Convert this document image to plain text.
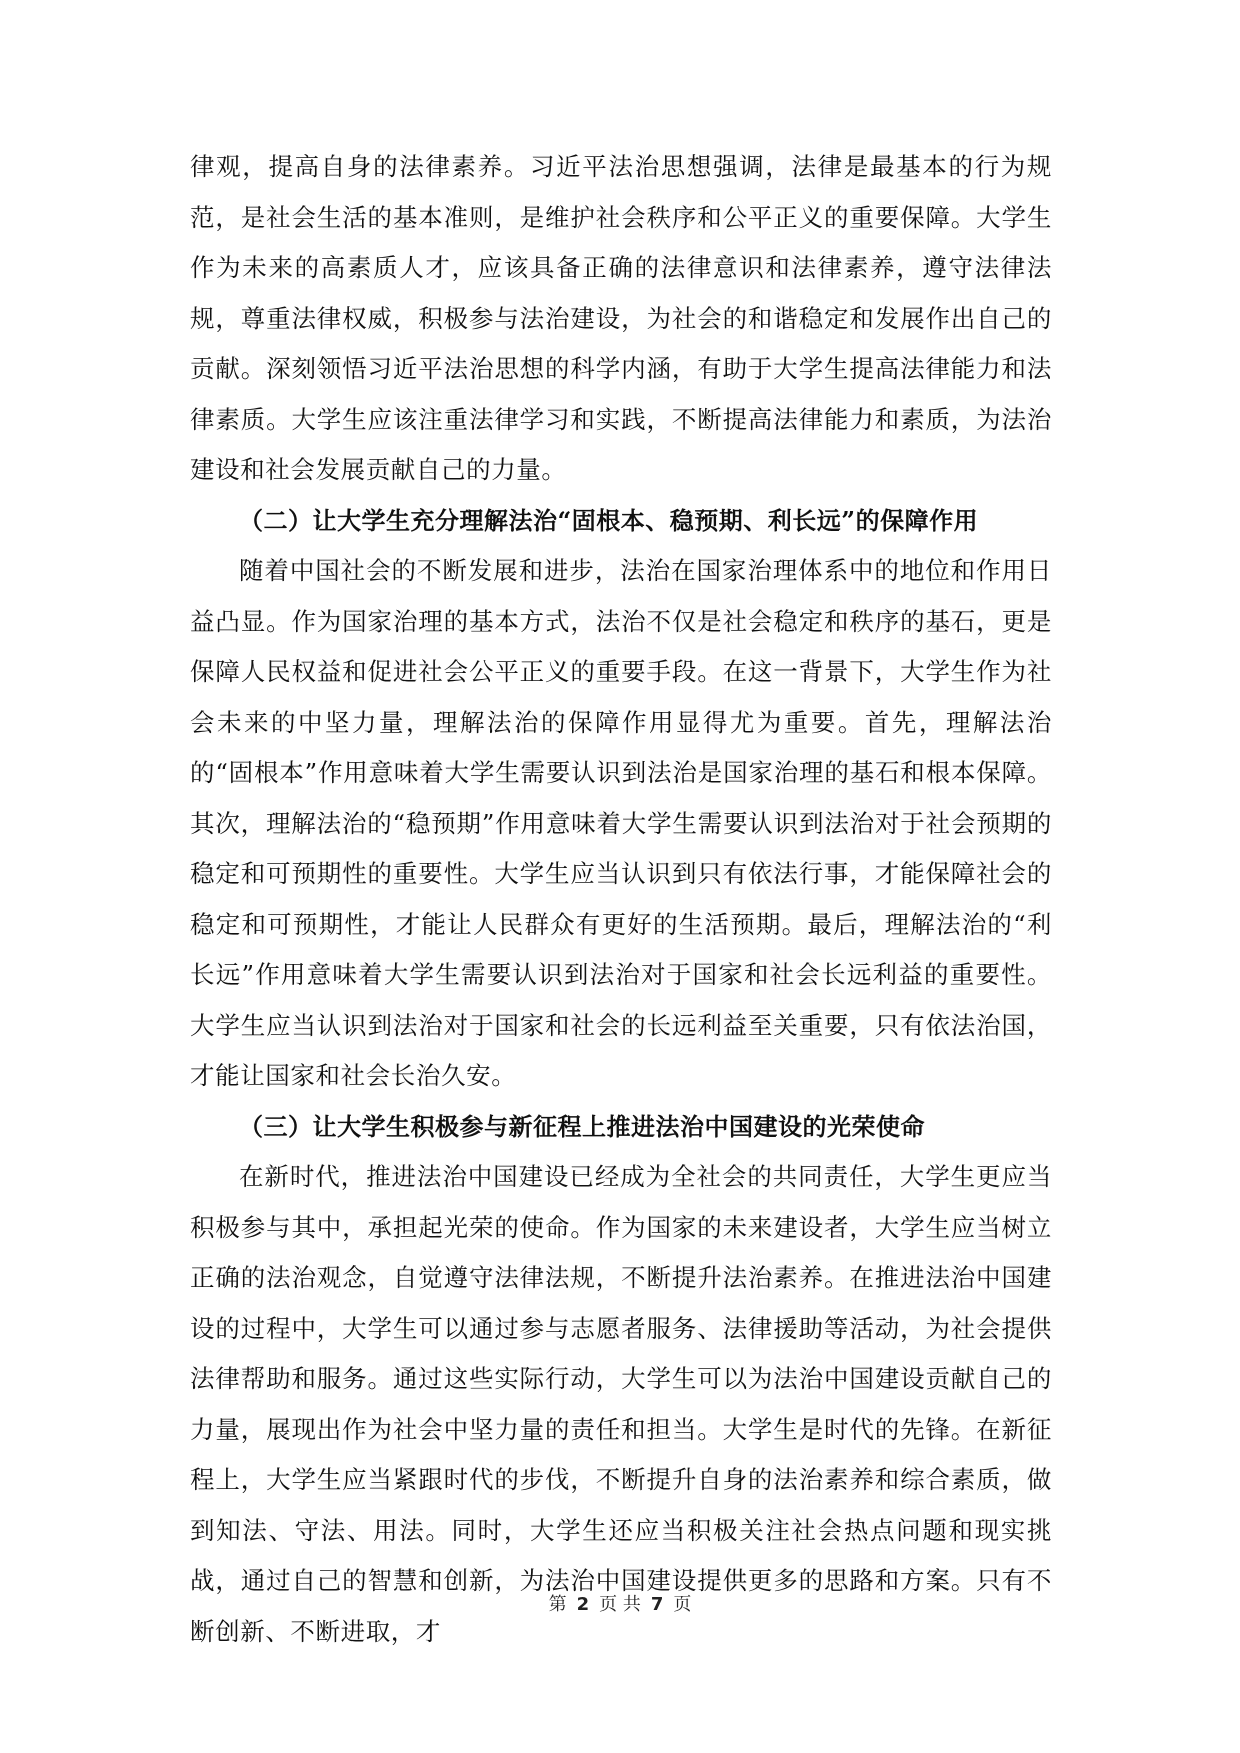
律观，提高自身的法律素养。习近平法治思想强调，法律是最基本的行为规范，是社会生活的基本准则，是维护社会秩序和公平正义的重要保障。大学生作为未来的高素质人才，应该具备正确的法律意识和法律素养，遵守法律法规，尊重法律权威，积极参与法治建设，为社会的和谐稳定和发展作出自己的贡献。深刻领悟习近平法治思想的科学内涵，有助于大学生提高法律能力和法律素质。大学生应该注重法律学习和实践，不断提高法律能力和素质，为法治建设和社会发展贡献自己的力量。

（二）让大学生充分理解法治“固根本、稳预期、利长远”的保障作用

随着中国社会的不断发展和进步，法治在国家治理体系中的地位和作用日益凸显。作为国家治理的基本方式，法治不仅是社会稳定和秩序的基石，更是保障人民权益和促进社会公平正义的重要手段。在这一背景下，大学生作为社会未来的中坚力量，理解法治的保障作用显得尤为重要。首先，理解法治的“固根本”作用意味着大学生需要认识到法治是国家治理的基石和根本保障。其次，理解法治的“稳预期”作用意味着大学生需要认识到法治对于社会预期的稳定和可预期性的重要性。大学生应当认识到只有依法行事，才能保障社会的稳定和可预期性，才能让人民群众有更好的生活预期。最后，理解法治的“利长远”作用意味着大学生需要认识到法治对于国家和社会长远利益的重要性。大学生应当认识到法治对于国家和社会的长远利益至关重要，只有依法治国，才能让国家和社会长治久安。

（三）让大学生积极参与新征程上推进法治中国建设的光荣使命

在新时代，推进法治中国建设已经成为全社会的共同责任，大学生更应当积极参与其中，承担起光荣的使命。作为国家的未来建设者，大学生应当树立正确的法治观念，自觉遵守法律法规，不断提升法治素养。在推进法治中国建设的过程中，大学生可以通过参与志愿者服务、法律援助等活动，为社会提供法律帮助和服务。通过这些实际行动，大学生可以为法治中国建设贡献自己的力量，展现出作为社会中坚力量的责任和担当。大学生是时代的先锋。在新征程上，大学生应当紧跟时代的步伐，不断提升自身的法治素养和综合素质，做到知法、守法、用法。同时，大学生还应当积极关注社会热点问题和现实挑战，通过自己的智慧和创新，为法治中国建设提供更多的思路和方案。只有不断创新、不断进取，才

第 2 页 共 7 页
